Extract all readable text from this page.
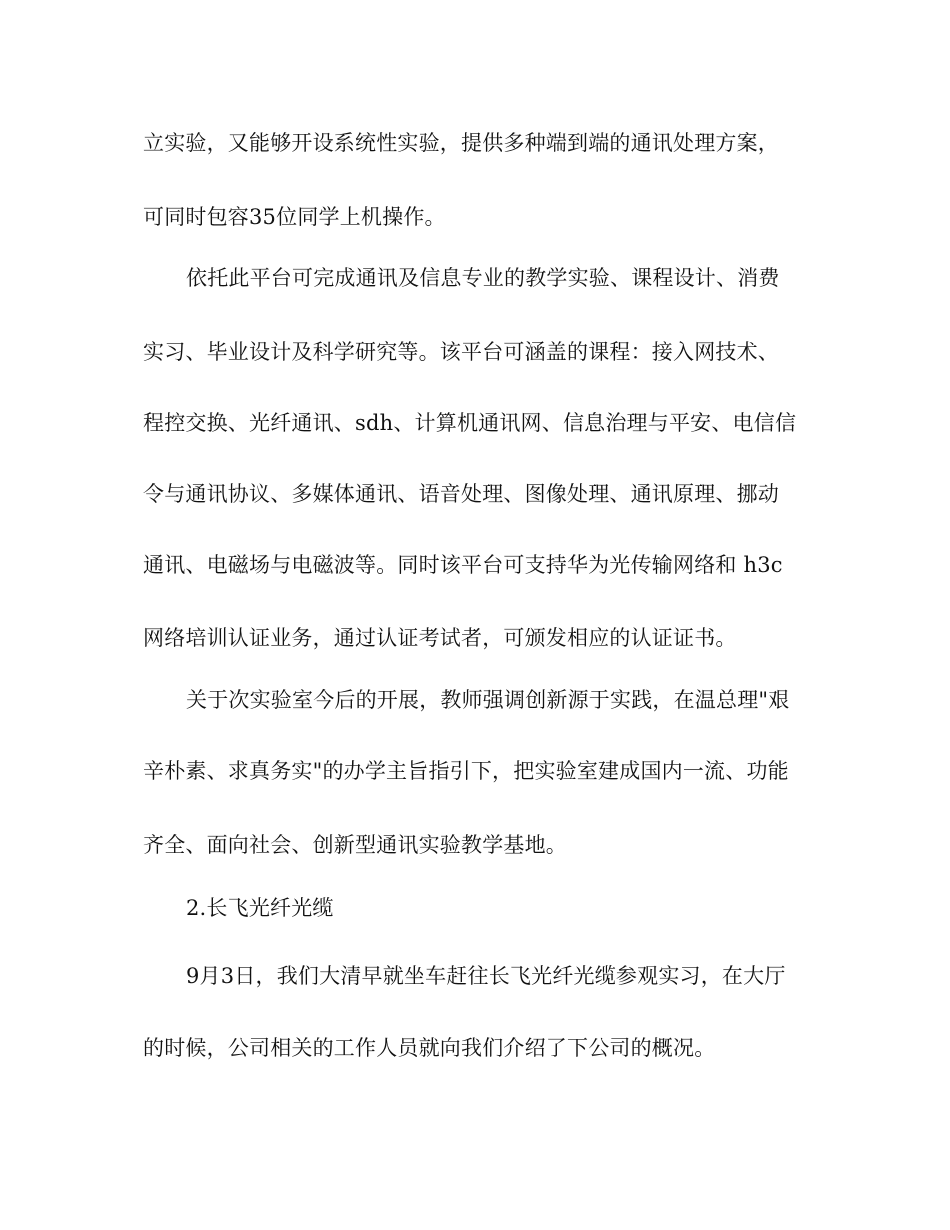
立实验，又能够开设系统性实验，提供多种端到端的通讯处理方案，
可同时包容35位同学上机操作。
依托此平台可完成通讯及信息专业的教学实验、课程设计、消费
实习、毕业设计及科学研究等。该平台可涵盖的课程：接入网技术、
程控交换、光纤通讯、sdh、计算机通讯网、信息治理与平安、电信信
令与通讯协议、多媒体通讯、语音处理、图像处理、通讯原理、挪动
通讯、电磁场与电磁波等。同时该平台可支持华为光传输网络和 h3c
网络培训认证业务，通过认证考试者，可颁发相应的认证证书。
关于次实验室今后的开展，教师强调创新源于实践，在温总理"艰
辛朴素、求真务实"的办学主旨指引下，把实验室建成国内一流、功能
齐全、面向社会、创新型通讯实验教学基地。
2.长飞光纤光缆
9月3日，我们大清早就坐车赶往长飞光纤光缆参观实习，在大厅
的时候，公司相关的工作人员就向我们介绍了下公司的概况。
